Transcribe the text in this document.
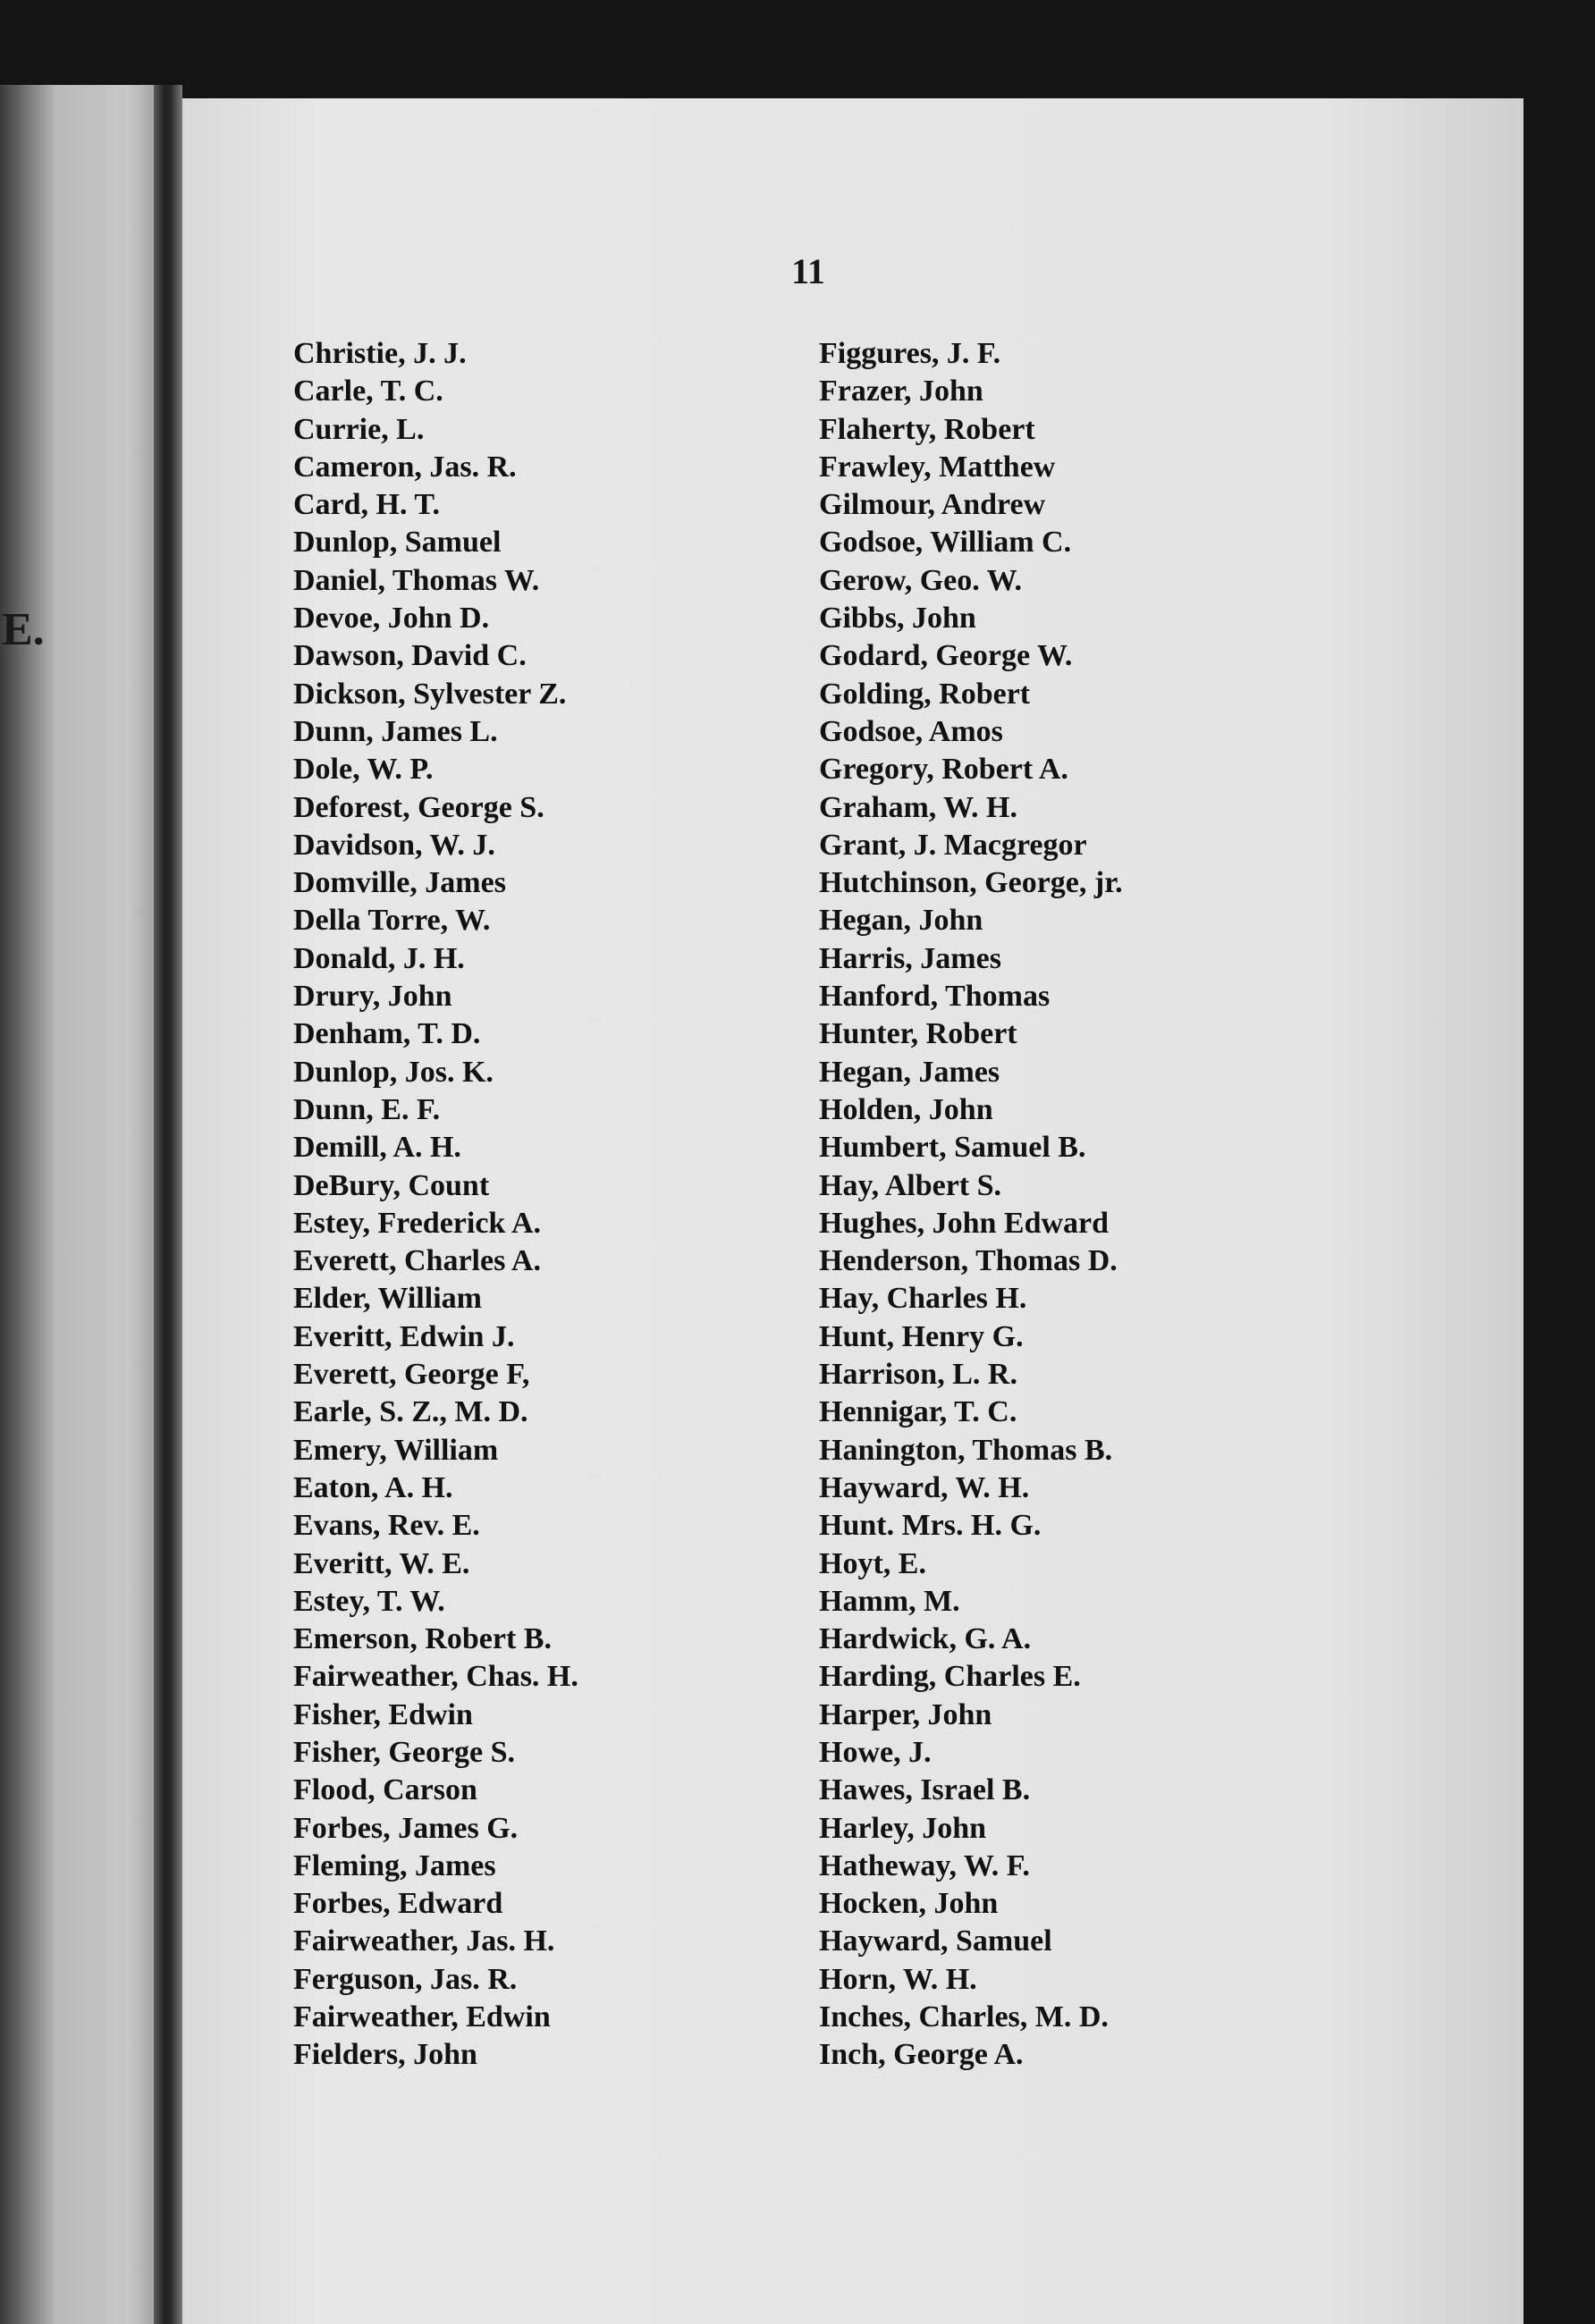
E.
11
Christie, J. J.
Carle, T. C.
Currie, L.
Cameron, Jas. R.
Card, H. T.
Dunlop, Samuel
Daniel, Thomas W.
Devoe, John D.
Dawson, David C.
Dickson, Sylvester Z.
Dunn, James L.
Dole, W. P.
Deforest, George S.
Davidson, W. J.
Domville, James
Della Torre, W.
Donald, J. H.
Drury, John
Denham, T. D.
Dunlop, Jos. K.
Dunn, E. F.
Demill, A. H.
DeBury, Count
Estey, Frederick A.
Everett, Charles A.
Elder, William
Everitt, Edwin J.
Everett, George F,
Earle, S. Z., M. D.
Emery, William
Eaton, A. H.
Evans, Rev. E.
Everitt, W. E.
Estey, T. W.
Emerson, Robert B.
Fairweather, Chas. H.
Fisher, Edwin
Fisher, George S.
Flood, Carson
Forbes, James G.
Fleming, James
Forbes, Edward
Fairweather, Jas. H.
Ferguson, Jas. R.
Fairweather, Edwin
Fielders, John
Figgures, J. F.
Frazer, John
Flaherty, Robert
Frawley, Matthew
Gilmour, Andrew
Godsoe, William C.
Gerow, Geo. W.
Gibbs, John
Godard, George W.
Golding, Robert
Godsoe, Amos
Gregory, Robert A.
Graham, W. H.
Grant, J. Macgregor
Hutchinson, George, jr.
Hegan, John
Harris, James
Hanford, Thomas
Hunter, Robert
Hegan, James
Holden, John
Humbert, Samuel B.
Hay, Albert S.
Hughes, John Edward
Henderson, Thomas D.
Hay, Charles H.
Hunt, Henry G.
Harrison, L. R.
Hennigar, T. C.
Hanington, Thomas B.
Hayward, W. H.
Hunt. Mrs. H. G.
Hoyt, E.
Hamm, M.
Hardwick, G. A.
Harding, Charles E.
Harper, John
Howe, J.
Hawes, Israel B.
Harley, John
Hatheway, W. F.
Hocken, John
Hayward, Samuel
Horn, W. H.
Inches, Charles, M. D.
Inch, George A.
